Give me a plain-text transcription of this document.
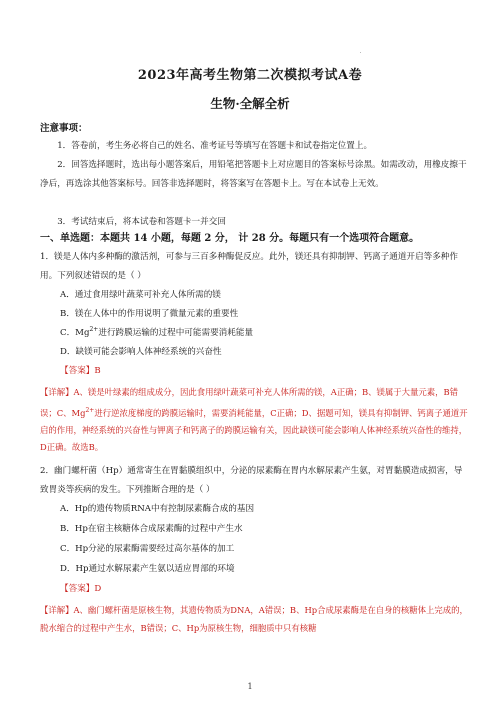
2023年高考生物第二次模拟考试A卷
生物·全解全析
注意事项：
1．答卷前，考生务必将自己的姓名、准考证号等填写在答题卡和试卷指定位置上。
2．回答选择题时，选出每小题答案后，用铅笔把答题卡上对应题目的答案标号涂黑。如需改动，用橡皮擦干净后，再选涂其他答案标号。回答非选择题时，将答案写在答题卡上。写在本试卷上无效。
3．考试结束后，将本试卷和答题卡一并交回
一、单选题：本题共 14 小题，每题 2 分， 计 28 分。每题只有一个选项符合题意。
1．镁是人体内多种酶的激活剂，可参与三百多种酶促反应。此外，镁还具有抑制钾、钙离子通道开启等多种作用。下列叙述错误的是（ ）
A．通过食用绿叶蔬菜可补充人体所需的镁
B．镁在人体中的作用说明了微量元素的重要性
C．$Mg^{2+}$进行跨膜运输的过程中可能需要消耗能量
D．缺镁可能会影响人体神经系统的兴奋性
【答案】B
【详解】A、镁是叶绿素的组成成分，因此食用绿叶蔬菜可补充人体所需的镁，A正确；B、镁属于大量元素，B错误；C、$Mg^{2+}$进行逆浓度梯度的跨膜运输时，需要消耗能量，C正确；D、据题可知，镁具有抑制钾、钙离子通道开启的作用，神经系统的兴奋性与钾离子和钙离子的跨膜运输有关，因此缺镁可能会影响人体神经系统兴奋性的维持，D正确。故选B。
2．幽门螺杆菌（Hp）通常寄生在胃黏膜组织中，分泌的尿素酶在胃内水解尿素产生氨，对胃黏膜造成损害，导致胃炎等疾病的发生。下列推断合理的是（ ）
A．Hp的遗传物质RNA中有控制尿素酶合成的基因
B．Hp在宿主核糖体合成尿素酶的过程中产生水
C．Hp分泌的尿素酶需要经过高尔基体的加工
D．Hp通过水解尿素产生氨以适应胃部的环境
【答案】D
【详解】A、幽门螺杆菌是原核生物，其遗传物质为DNA，A错误；B、Hp合成尿素酶是在自身的核糖体上完成的，脱水缩合的过程中产生水，B错误；C、Hp为原核生物，细胞质中只有核糖
1
